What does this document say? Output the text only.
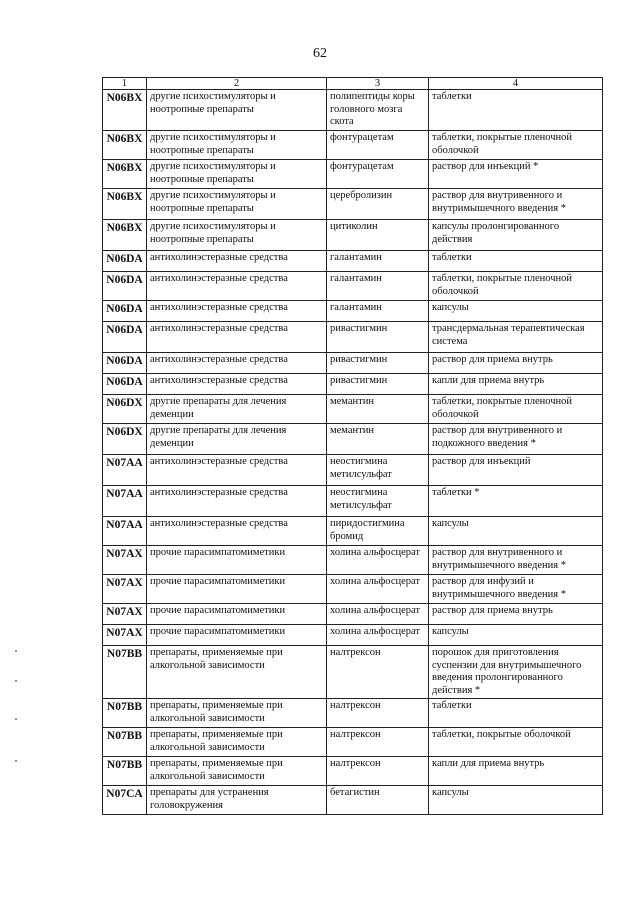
62
1	2	3	4
N06BX	другие психостимуляторы и ноотропные препараты	полипептиды коры головного мозга скота	таблетки
N06BX	другие психостимуляторы и ноотропные препараты	фонтурацетам	таблетки, покрытые пленочной оболочкой
N06BX	другие психостимуляторы и ноотропные препараты	фонтурацетам	раствор для инъекций *
N06BX	другие психостимуляторы и ноотропные препараты	церебролизин	раствор для внутривенного и внутримышечного введения *
N06BX	другие психостимуляторы и ноотропные препараты	цитиколин	капсулы пролонгированного действия
N06DA	антихолинэстеразные средства	галантамин	таблетки
N06DA	антихолинэстеразные средства	галантамин	таблетки, покрытые пленочной оболочкой
N06DA	антихолинэстеразные средства	галантамин	капсулы
N06DA	антихолинэстеразные средства	ривастигмин	трансдермальная терапевтическая система
N06DA	антихолинэстеразные средства	ривастигмин	раствор для приема внутрь
N06DA	антихолинэстеразные средства	ривастигмин	капли для приема внутрь
N06DX	другие препараты для лечения деменции	мемантин	таблетки, покрытые пленочной оболочкой
N06DX	другие препараты для лечения деменции	мемантин	раствор для внутривенного и подкожного введения *
N07AA	антихолинэстеразные средства	неостигмина метилсульфат	раствор для инъекций
N07AA	антихолинэстеразные средства	неостигмина метилсульфат	таблетки *
N07AA	антихолинэстеразные средства	пиридостигмина бромид	капсулы
N07AX	прочие парасимпатомиметики	холина альфосцерат	раствор для внутривенного и внутримышечного введения *
N07AX	прочие парасимпатомиметики	холина альфосцерат	раствор для инфузий и внутримышечного введения *
N07AX	прочие парасимпатомиметики	холина альфосцерат	раствор для приема внутрь
N07AX	прочие парасимпатомиметики	холина альфосцерат	капсулы
N07BB	препараты, применяемые при алкогольной зависимости	налтрексон	порошок для приготовления суспензии для внутримышечного введения пролонгированного действия *
N07BB	препараты, применяемые при алкогольной зависимости	налтрексон	таблетки
N07BB	препараты, применяемые при алкогольной зависимости	налтрексон	таблетки, покрытые оболочкой
N07BB	препараты, применяемые при алкогольной зависимости	налтрексон	капли для приема внутрь
N07CA	препараты для устранения головокружения	бетагистин	капсулы
